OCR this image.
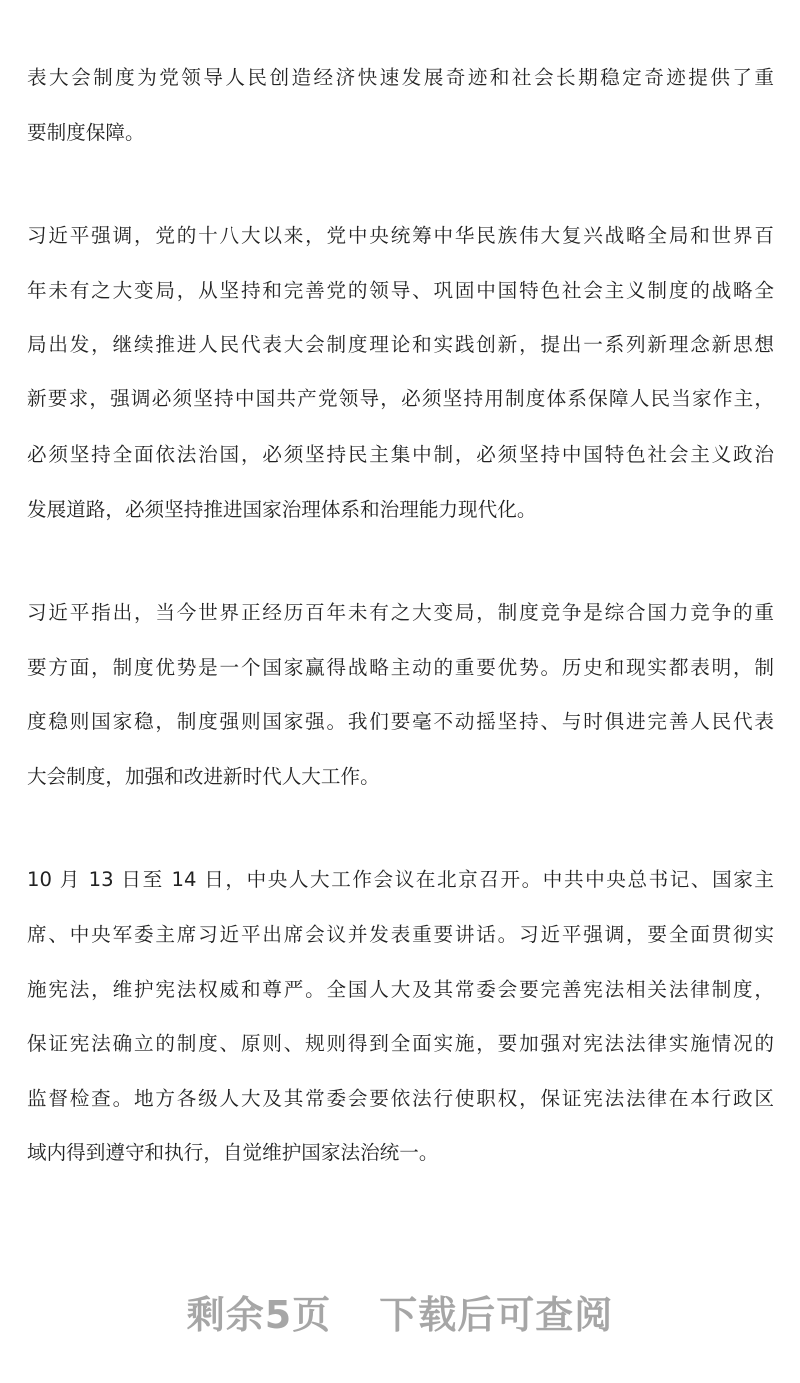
表大会制度为党领导人民创造经济快速发展奇迹和社会长期稳定奇迹提供了重
要制度保障。
习近平强调，党的十八大以来，党中央统筹中华民族伟大复兴战略全局和世界百
年未有之大变局，从坚持和完善党的领导、巩固中国特色社会主义制度的战略全
局出发，继续推进人民代表大会制度理论和实践创新，提出一系列新理念新思想
新要求，强调必须坚持中国共产党领导，必须坚持用制度体系保障人民当家作主，
必须坚持全面依法治国，必须坚持民主集中制，必须坚持中国特色社会主义政治
发展道路，必须坚持推进国家治理体系和治理能力现代化。
习近平指出，当今世界正经历百年未有之大变局，制度竞争是综合国力竞争的重
要方面，制度优势是一个国家赢得战略主动的重要优势。历史和现实都表明，制
度稳则国家稳，制度强则国家强。我们要毫不动摇坚持、与时俱进完善人民代表
大会制度，加强和改进新时代人大工作。
10 月 13 日至 14 日，中央人大工作会议在北京召开。中共中央总书记、国家主
席、中央军委主席习近平出席会议并发表重要讲话。习近平强调，要全面贯彻实
施宪法，维护宪法权威和尊严。全国人大及其常委会要完善宪法相关法律制度，
保证宪法确立的制度、原则、规则得到全面实施，要加强对宪法法律实施情况的
监督检查。地方各级人大及其常委会要依法行使职权，保证宪法法律在本行政区
域内得到遵守和执行，自觉维护国家法治统一。
剩余5页 下载后可查阅
